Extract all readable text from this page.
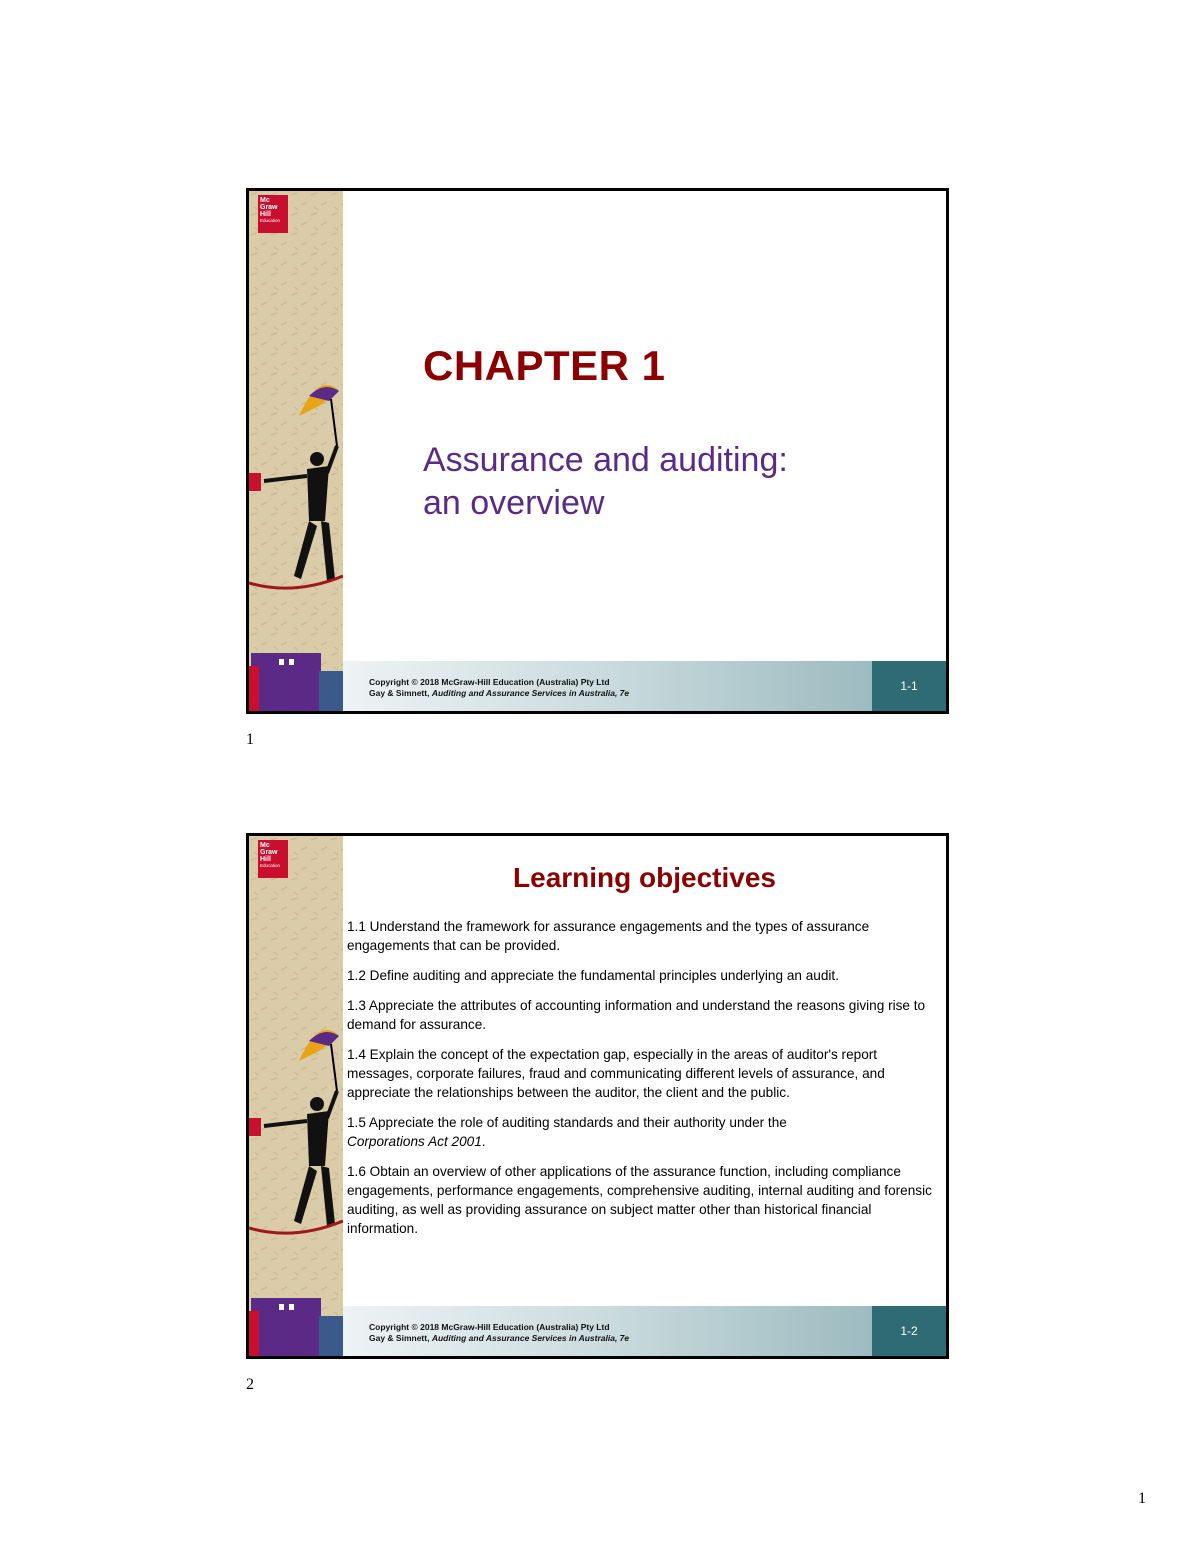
Mc
Graw
Hill
Education
CHAPTER 1
Assurance and auditing:
an overview
Copyright © 2018 McGraw-Hill Education (Australia) Pty Ltd
Gay & Simnett, Auditing and Assurance Services in Australia, 7e	1-1
1
Mc
Graw
Hill
Education	Learning objectives
1.1 Understand the framework for assurance engagements and the types of assurance engagements that can be provided.
1.2 Define auditing and appreciate the fundamental principles underlying an audit.
1.3 Appreciate the attributes of accounting information and understand the reasons giving rise to demand for assurance.
1.4 Explain the concept of the expectation gap, especially in the areas of auditor's report messages, corporate failures, fraud and communicating different levels of assurance, and appreciate the relationships between the auditor, the client and the public.
1.5 Appreciate the role of auditing standards and their authority under the
Corporations Act 2001.
1.6 Obtain an overview of other applications of the assurance function, including compliance engagements, performance engagements, comprehensive auditing, internal auditing and forensic auditing, as well as providing assurance on subject matter other than historical financial information.
Copyright © 2018 McGraw-Hill Education (Australia) Pty Ltd
Gay & Simnett, Auditing and Assurance Services in Australia, 7e	1-2
2
1
